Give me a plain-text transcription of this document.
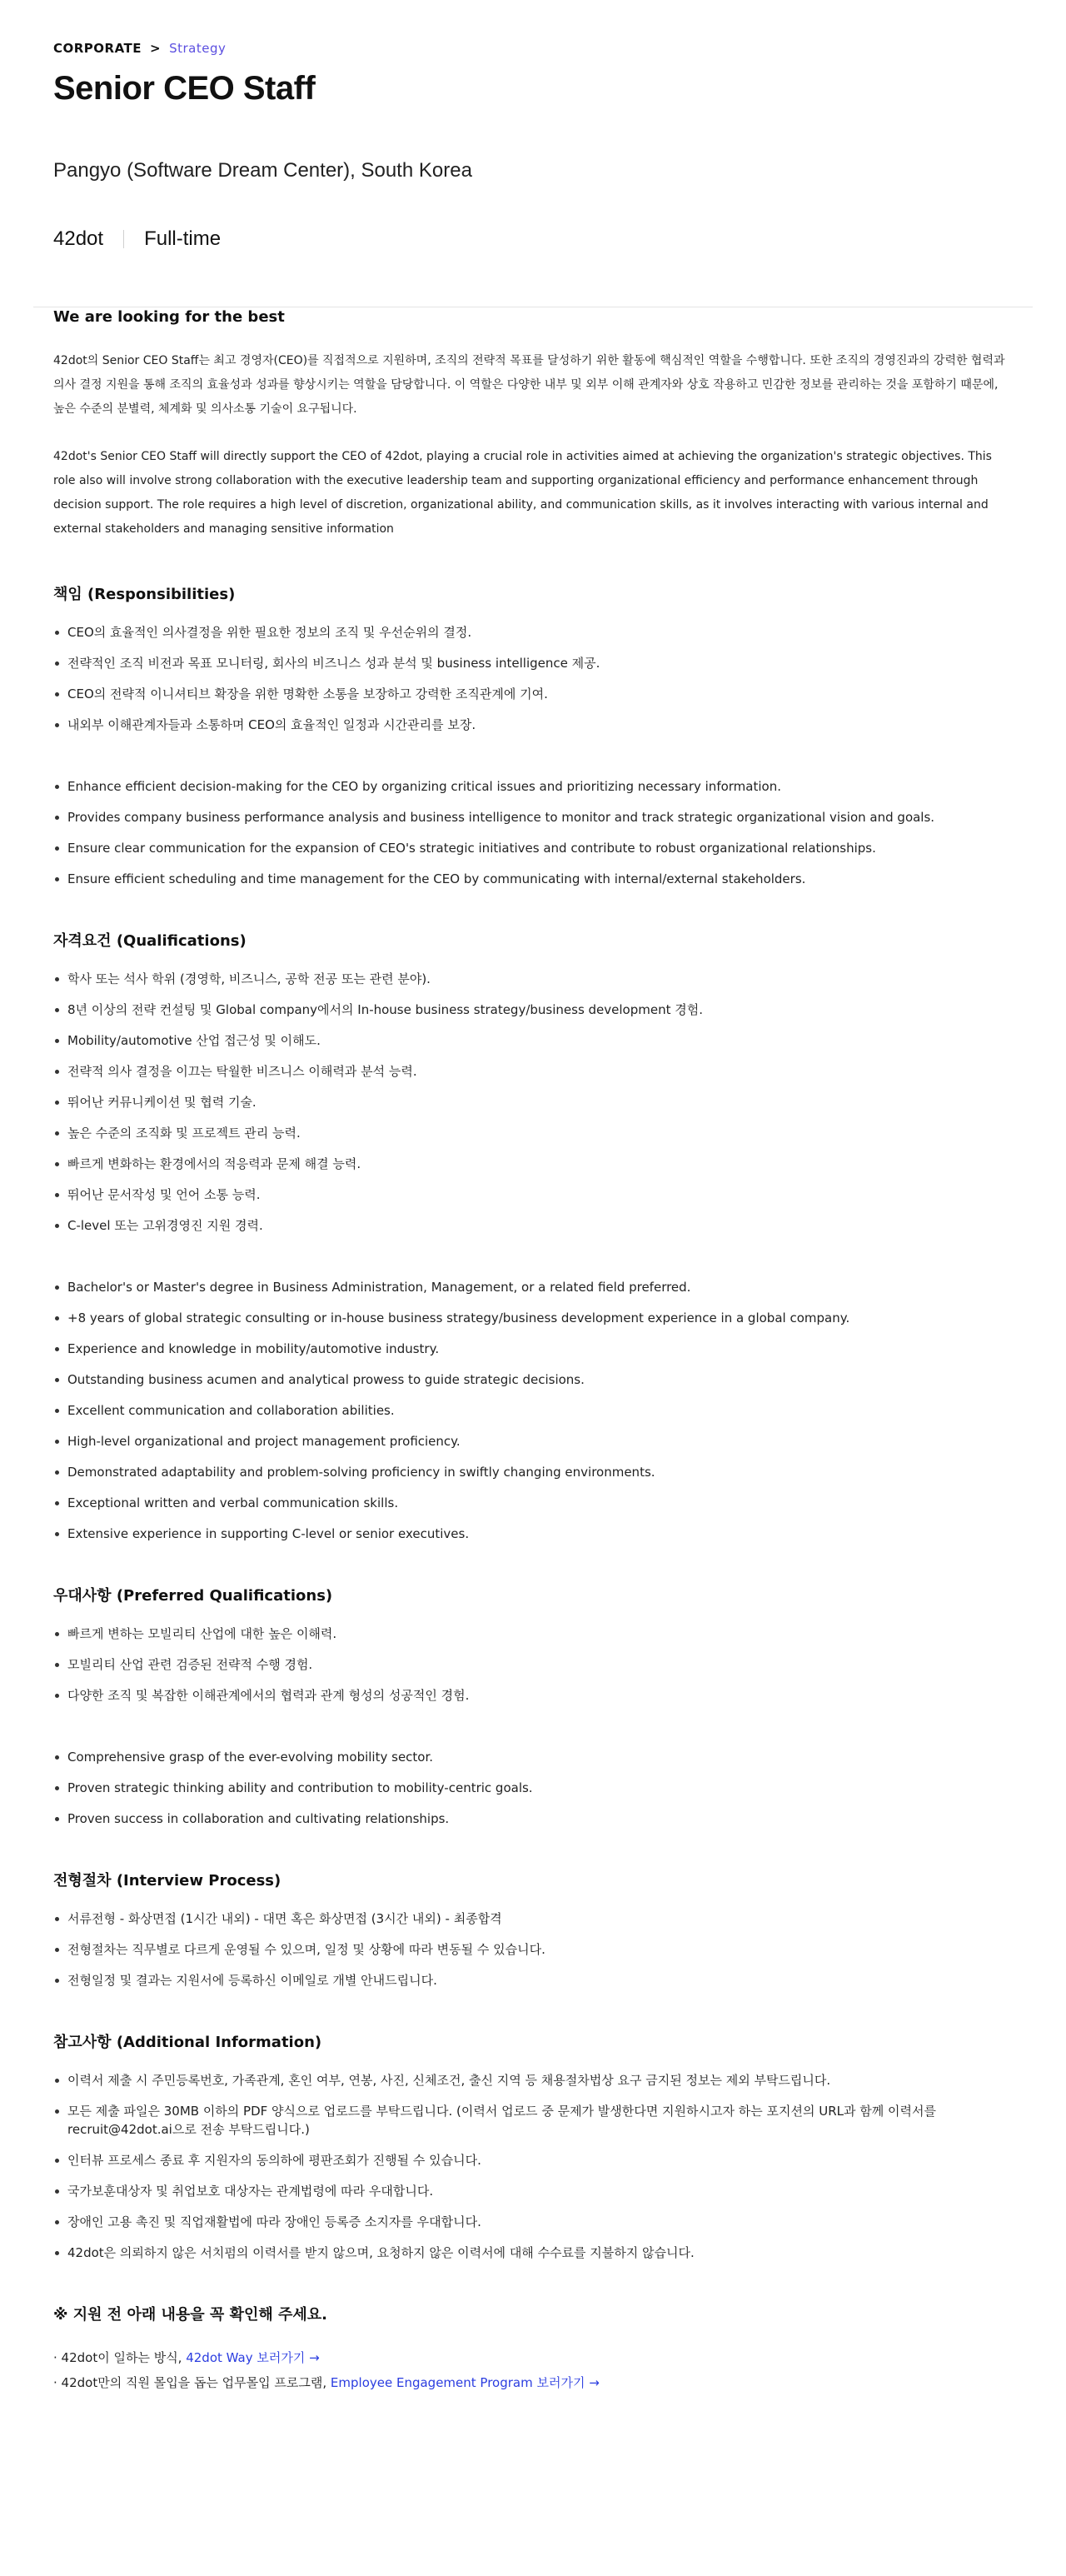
CORPORATE > Strategy
Senior CEO Staff
Pangyo (Software Dream Center), South Korea
42dot Full-time
We are looking for the best

42dot의 Senior CEO Staff는 최고 경영자(CEO)를 직접적으로 지원하며, 조직의 전략적 목표를 달성하기 위한 활동에 핵심적인 역할을 수행합니다. 또한 조직의 경영진과의 강력한 협력과 의사 결정 지원을 통해 조직의 효율성과 성과를 향상시키는 역할을 담당합니다. 이 역할은 다양한 내부 및 외부 이해 관계자와 상호 작용하고 민감한 정보를 관리하는 것을 포함하기 때문에, 높은 수준의 분별력, 체계화 및 의사소통 기술이 요구됩니다.

42dot's Senior CEO Staff will directly support the CEO of 42dot, playing a crucial role in activities aimed at achieving the organization's strategic objectives. This role also will involve strong collaboration with the executive leadership team and supporting organizational efficiency and performance enhancement through decision support. The role requires a high level of discretion, organizational ability, and communication skills, as it involves interacting with various internal and external stakeholders and managing sensitive information

책임 (Responsibilities)
CEO의 효율적인 의사결정을 위한 필요한 정보의 조직 및 우선순위의 결정.
전략적인 조직 비전과 목표 모니터링, 회사의 비즈니스 성과 분석 및 business intelligence 제공.
CEO의 전략적 이니셔티브 확장을 위한 명확한 소통을 보장하고 강력한 조직관계에 기여.
내외부 이해관계자들과 소통하며 CEO의 효율적인 일정과 시간관리를 보장.
Enhance efficient decision-making for the CEO by organizing critical issues and prioritizing necessary information.
Provides company business performance analysis and business intelligence to monitor and track strategic organizational vision and goals.
Ensure clear communication for the expansion of CEO's strategic initiatives and contribute to robust organizational relationships.
Ensure efficient scheduling and time management for the CEO by communicating with internal/external stakeholders.
자격요건 (Qualifications)
학사 또는 석사 학위 (경영학, 비즈니스, 공학 전공 또는 관련 분야).
8년 이상의 전략 컨설팅 및 Global company에서의 In-house business strategy/business development 경험.
Mobility/automotive 산업 접근성 및 이해도.
전략적 의사 결정을 이끄는 탁월한 비즈니스 이해력과 분석 능력.
뛰어난 커뮤니케이션 및 협력 기술.
높은 수준의 조직화 및 프로젝트 관리 능력.
빠르게 변화하는 환경에서의 적응력과 문제 해결 능력.
뛰어난 문서작성 및 언어 소통 능력.
C-level 또는 고위경영진 지원 경력.
Bachelor's or Master's degree in Business Administration, Management, or a related field preferred.
+8 years of global strategic consulting or in-house business strategy/business development experience in a global company.
Experience and knowledge in mobility/automotive industry.
Outstanding business acumen and analytical prowess to guide strategic decisions.
Excellent communication and collaboration abilities.
High-level organizational and project management proficiency.
Demonstrated adaptability and problem-solving proficiency in swiftly changing environments.
Exceptional written and verbal communication skills.
Extensive experience in supporting C-level or senior executives.
우대사항 (Preferred Qualifications)
빠르게 변하는 모빌리티 산업에 대한 높은 이해력.
모빌리티 산업 관련 검증된 전략적 수행 경험.
다양한 조직 및 복잡한 이해관계에서의 협력과 관계 형성의 성공적인 경험.
Comprehensive grasp of the ever-evolving mobility sector.
Proven strategic thinking ability and contribution to mobility-centric goals.
Proven success in collaboration and cultivating relationships.
전형절차 (Interview Process)
서류전형 - 화상면접 (1시간 내외) - 대면 혹은 화상면접 (3시간 내외) - 최종합격
전형절차는 직무별로 다르게 운영될 수 있으며, 일정 및 상황에 따라 변동될 수 있습니다.
전형일정 및 결과는 지원서에 등록하신 이메일로 개별 안내드립니다.
참고사항 (Additional Information)
이력서 제출 시 주민등록번호, 가족관계, 혼인 여부, 연봉, 사진, 신체조건, 출신 지역 등 채용절차법상 요구 금지된 정보는 제외 부탁드립니다.
모든 제출 파일은 30MB 이하의 PDF 양식으로 업로드를 부탁드립니다. (이력서 업로드 중 문제가 발생한다면 지원하시고자 하는 포지션의 URL과 함께 이력서를 recruit@42dot.ai으로 전송 부탁드립니다.)
인터뷰 프로세스 종료 후 지원자의 동의하에 평판조회가 진행될 수 있습니다.
국가보훈대상자 및 취업보호 대상자는 관계법령에 따라 우대합니다.
장애인 고용 촉진 및 직업재활법에 따라 장애인 등록증 소지자를 우대합니다.
42dot은 의뢰하지 않은 서치펌의 이력서를 받지 않으며, 요청하지 않은 이력서에 대해 수수료를 지불하지 않습니다.
※ 지원 전 아래 내용을 꼭 확인해 주세요.
· 42dot이 일하는 방식, 42dot Way 보러가기 →
· 42dot만의 직원 몰입을 돕는 업무몰입 프로그램, Employee Engagement Program 보러가기 →
